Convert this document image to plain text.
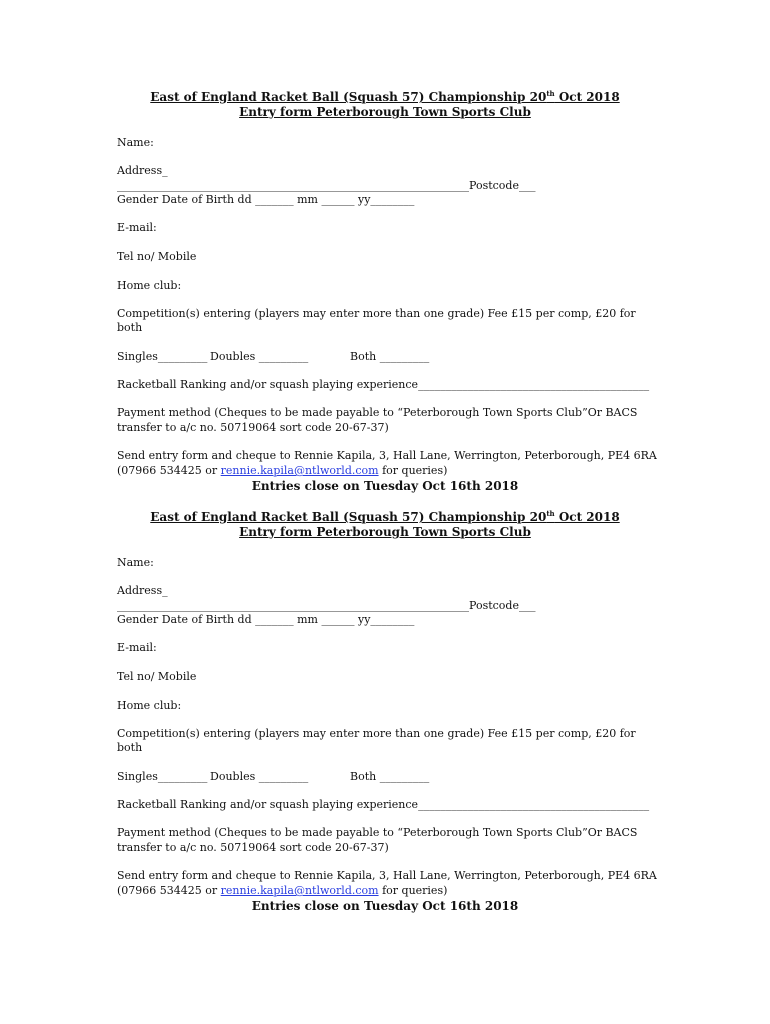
East of England Racket Ball (Squash 57) Championship 20th Oct 2018
Entry form Peterborough Town Sports Club
Name:
Address_
________________________________________________________________Postcode___
Gender Date of Birth dd _______ mm ______ yy________
E-mail:
Tel no/ Mobile
Home club:
Competition(s) entering (players may enter more than one grade) Fee £15 per comp, £20 for
both
Singles_________ Doubles _________	Both _________
Racketball Ranking and/or squash playing experience__________________________________________
Payment method (Cheques to be made payable to “Peterborough Town Sports Club”Or BACS
transfer to a/c no. 50719064 sort code 20-67-37)
Send entry form and cheque to Rennie Kapila, 3, Hall Lane, Werrington, Peterborough, PE4 6RA
(07966 534425 or rennie.kapila@ntlworld.com for queries)
Entries close on Tuesday Oct 16th 2018
East of England Racket Ball (Squash 57) Championship 20th Oct 2018
Entry form Peterborough Town Sports Club
Name:
Address_
________________________________________________________________Postcode___
Gender Date of Birth dd _______ mm ______ yy________
E-mail:
Tel no/ Mobile
Home club:
Competition(s) entering (players may enter more than one grade) Fee £15 per comp, £20 for
both
Singles_________ Doubles _________	Both _________
Racketball Ranking and/or squash playing experience__________________________________________
Payment method (Cheques to be made payable to “Peterborough Town Sports Club”Or BACS
transfer to a/c no. 50719064 sort code 20-67-37)
Send entry form and cheque to Rennie Kapila, 3, Hall Lane, Werrington, Peterborough, PE4 6RA
(07966 534425 or rennie.kapila@ntlworld.com for queries)
Entries close on Tuesday Oct 16th 2018
